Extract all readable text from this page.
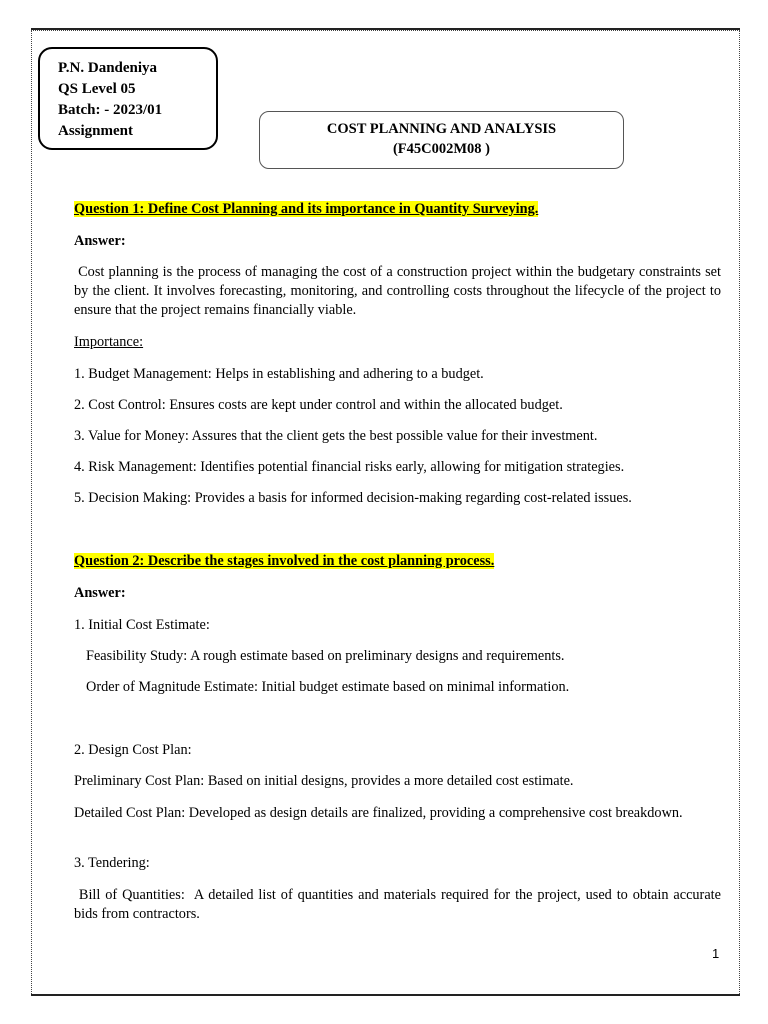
P.N. Dandeniya
QS Level 05
Batch: - 2023/01
Assignment	COST PLANNING AND ANALYSIS
(F45C002M08 )

Question 1: Define Cost Planning and its importance in Quantity Surveying.

Answer:

Cost planning is the process of managing the cost of a construction project within the budgetary constraints set by the client. It involves forecasting, monitoring, and controlling costs throughout the lifecycle of the project to ensure that the project remains financially viable.

Importance:

1. Budget Management: Helps in establishing and adhering to a budget.

2. Cost Control: Ensures costs are kept under control and within the allocated budget.

3. Value for Money: Assures that the client gets the best possible value for their investment.

4. Risk Management: Identifies potential financial risks early, allowing for mitigation strategies.

5. Decision Making: Provides a basis for informed decision-making regarding cost-related issues.

Question 2: Describe the stages involved in the cost planning process.

Answer:

1. Initial Cost Estimate:

Feasibility Study: A rough estimate based on preliminary designs and requirements.

Order of Magnitude Estimate: Initial budget estimate based on minimal information.

2. Design Cost Plan:

Preliminary Cost Plan: Based on initial designs, provides a more detailed cost estimate.

Detailed Cost Plan: Developed as design details are finalized, providing a comprehensive cost breakdown.

3. Tendering:

Bill of Quantities:  A detailed list of quantities and materials required for the project, used to obtain accurate bids from contractors.

1
